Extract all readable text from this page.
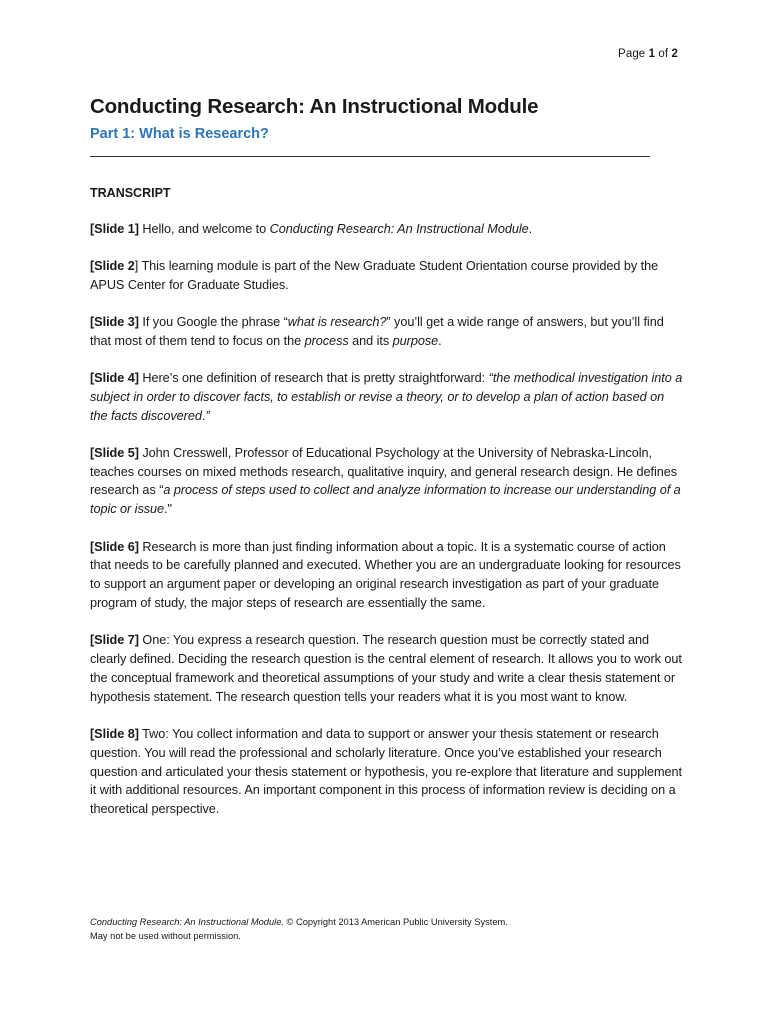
Page 1 of 2
Conducting Research: An Instructional Module
Part 1: What is Research?
TRANSCRIPT

[Slide 1] Hello, and welcome to Conducting Research: An Instructional Module.

[Slide 2] This learning module is part of the New Graduate Student Orientation course provided by the APUS Center for Graduate Studies.

[Slide 3] If you Google the phrase “what is research?” you’ll get a wide range of answers, but you’ll find that most of them tend to focus on the process and its purpose.

[Slide 4] Here’s one definition of research that is pretty straightforward: “the methodical investigation into a subject in order to discover facts, to establish or revise a theory, or to develop a plan of action based on the facts discovered.”

[Slide 5] John Cresswell, Professor of Educational Psychology at the University of Nebraska-Lincoln, teaches courses on mixed methods research, qualitative inquiry, and general research design. He defines research as “a process of steps used to collect and analyze information to increase our understanding of a topic or issue."

[Slide 6] Research is more than just finding information about a topic. It is a systematic course of action that needs to be carefully planned and executed. Whether you are an undergraduate looking for resources to support an argument paper or developing an original research investigation as part of your graduate program of study, the major steps of research are essentially the same.

[Slide 7] One: You express a research question. The research question must be correctly stated and clearly defined. Deciding the research question is the central element of research. It allows you to work out the conceptual framework and theoretical assumptions of your study and write a clear thesis statement or hypothesis statement. The research question tells your readers what it is you most want to know.

[Slide 8] Two: You collect information and data to support or answer your thesis statement or research question. You will read the professional and scholarly literature. Once you’ve established your research question and articulated your thesis statement or hypothesis, you re-explore that literature and supplement it with additional resources. An important component in this process of information review is deciding on a theoretical perspective.

Conducting Research: An Instructional Module. © Copyright 2013 American Public University System.
May not be used without permission.
